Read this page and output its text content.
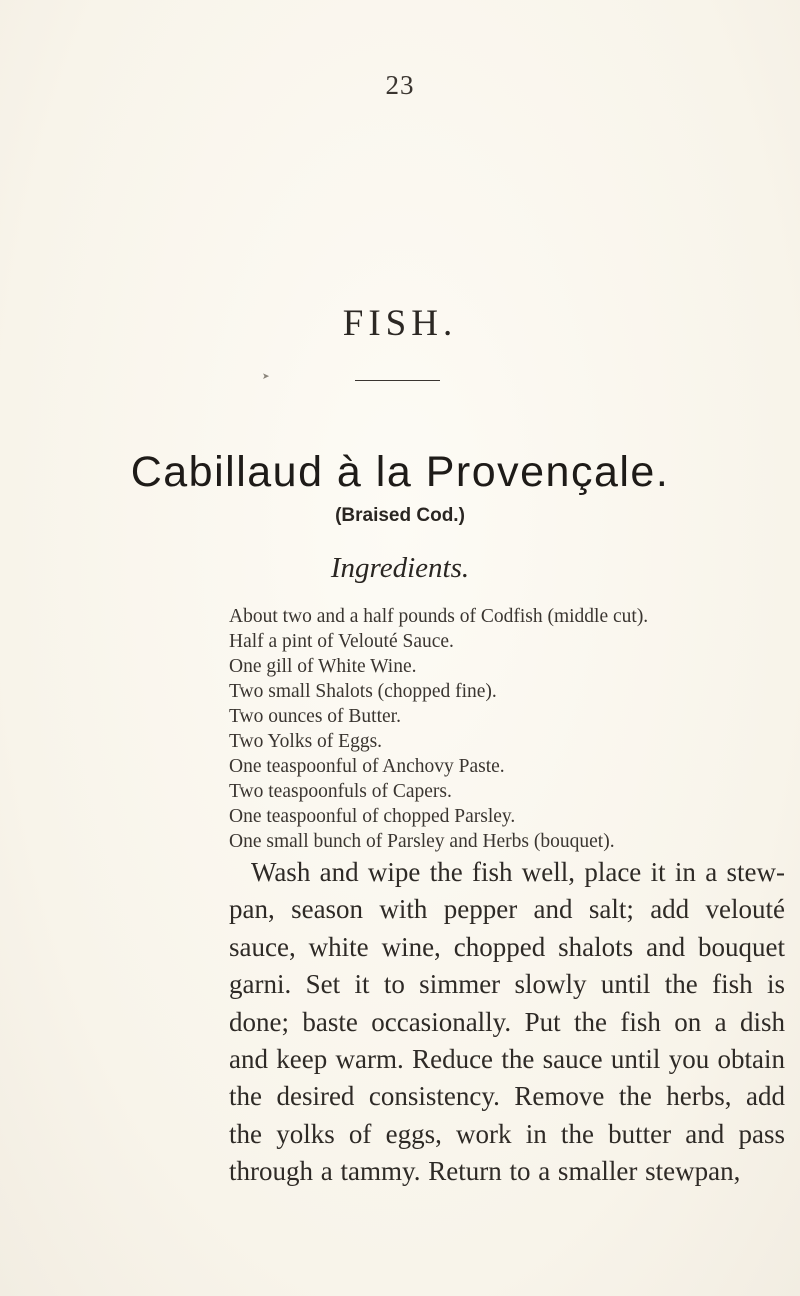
23
FISH.
➤
Cabillaud à la Provençale.
(Braised Cod.)
Ingredients.
About two and a half pounds of Codfish (middle cut).
Half a pint of Velouté Sauce.
One gill of White Wine.
Two small Shalots (chopped fine).
Two ounces of Butter.
Two Yolks of Eggs.
One teaspoonful of Anchovy Paste.
Two teaspoonfuls of Capers.
One teaspoonful of chopped Parsley.
One small bunch of Parsley and Herbs (bouquet).

Wash and wipe the fish well, place it in a stew-pan, season with pepper and salt; add velouté sauce, white wine, chopped shalots and bouquet garni. Set it to simmer slowly until the fish is done; baste occasionally. Put the fish on a dish and keep warm. Reduce the sauce until you obtain the desired consistency. Remove the herbs, add the yolks of eggs, work in the butter and pass through a tammy. Return to a smaller stewpan,
